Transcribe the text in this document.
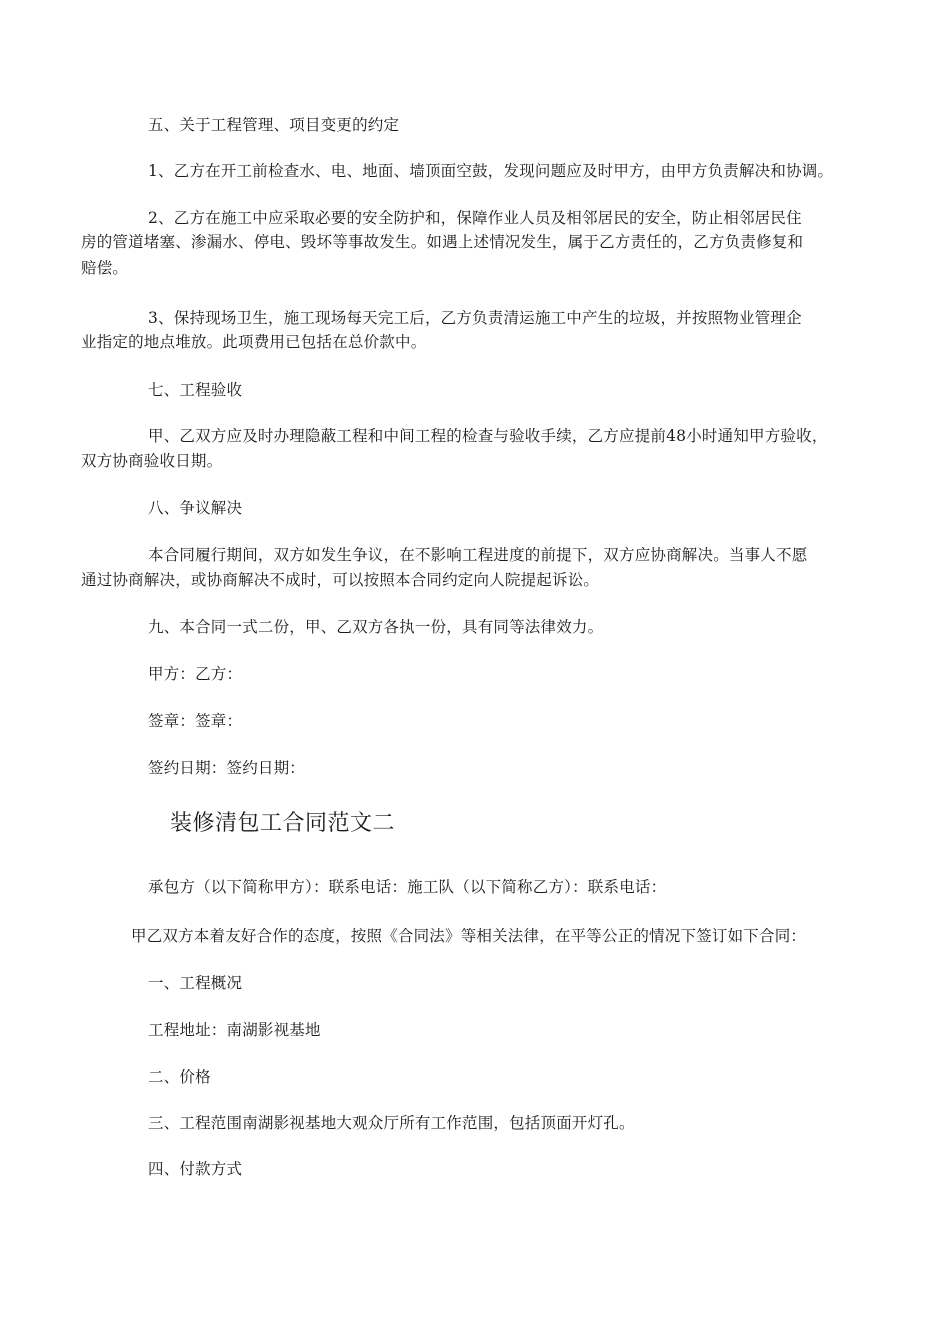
五、关于工程管理、项目变更的约定
1、乙方在开工前检查水、电、地面、墙顶面空鼓，发现问题应及时甲方，由甲方负责解决和协调。
2、乙方在施工中应采取必要的安全防护和，保障作业人员及相邻居民的安全，防止相邻居民住
房的管道堵塞、渗漏水、停电、毁坏等事故发生。如遇上述情况发生，属于乙方责任的，乙方负责修复和
赔偿。
3、保持现场卫生，施工现场每天完工后，乙方负责清运施工中产生的垃圾，并按照物业管理企
业指定的地点堆放。此项费用已包括在总价款中。
七、工程验收
甲、乙双方应及时办理隐蔽工程和中间工程的检查与验收手续，乙方应提前48小时通知甲方验收，
双方协商验收日期。
八、争议解决
本合同履行期间，双方如发生争议，在不影响工程进度的前提下，双方应协商解决。当事人不愿
通过协商解决，或协商解决不成时，可以按照本合同约定向人院提起诉讼。
九、本合同一式二份，甲、乙双方各执一份，具有同等法律效力。
甲方：乙方：
签章：签章：
签约日期：签约日期：
装修清包工合同范文二
承包方（以下简称甲方）：联系电话：施工队（以下简称乙方）：联系电话：
甲乙双方本着友好合作的态度，按照《合同法》等相关法律，在平等公正的情况下签订如下合同：
一、工程概况
工程地址：南湖影视基地
二、价格
三、工程范围南湖影视基地大观众厅所有工作范围，包括顶面开灯孔。
四、付款方式
